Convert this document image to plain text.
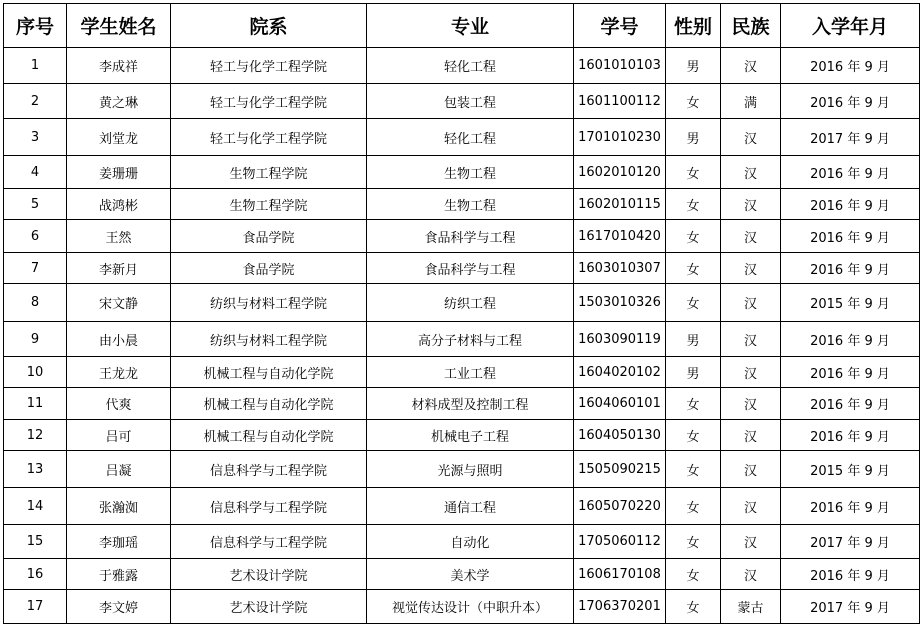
序号	学生姓名	院系	专业	学号	性别	民族	入学年月
1	李成祥	轻工与化学工程学院	轻化工程	1601010103	男	汉	2016 年 9 月
2	黄之琳	轻工与化学工程学院	包装工程	1601100112	女	满	2016 年 9 月
3	刘堂龙	轻工与化学工程学院	轻化工程	1701010230	男	汉	2017 年 9 月
4	姜珊珊	生物工程学院	生物工程	1602010120	女	汉	2016 年 9 月
5	战鸿彬	生物工程学院	生物工程	1602010115	女	汉	2016 年 9 月
6	王然	食品学院	食品科学与工程	1617010420	女	汉	2016 年 9 月
7	李新月	食品学院	食品科学与工程	1603010307	女	汉	2016 年 9 月
8	宋文静	纺织与材料工程学院	纺织工程	1503010326	女	汉	2015 年 9 月
9	由小晨	纺织与材料工程学院	高分子材料与工程	1603090119	男	汉	2016 年 9 月
10	王龙龙	机械工程与自动化学院	工业工程	1604020102	男	汉	2016 年 9 月
11	代爽	机械工程与自动化学院	材料成型及控制工程	1604060101	女	汉	2016 年 9 月
12	吕可	机械工程与自动化学院	机械电子工程	1604050130	女	汉	2016 年 9 月
13	吕凝	信息科学与工程学院	光源与照明	1505090215	女	汉	2015 年 9 月
14	张瀚洳	信息科学与工程学院	通信工程	1605070220	女	汉	2016 年 9 月
15	李珈瑶	信息科学与工程学院	自动化	1705060112	女	汉	2017 年 9 月
16	于雅露	艺术设计学院	美术学	1606170108	女	汉	2016 年 9 月
17	李文婷	艺术设计学院	视觉传达设计（中职升本）	1706370201	女	蒙古	2017 年 9 月
